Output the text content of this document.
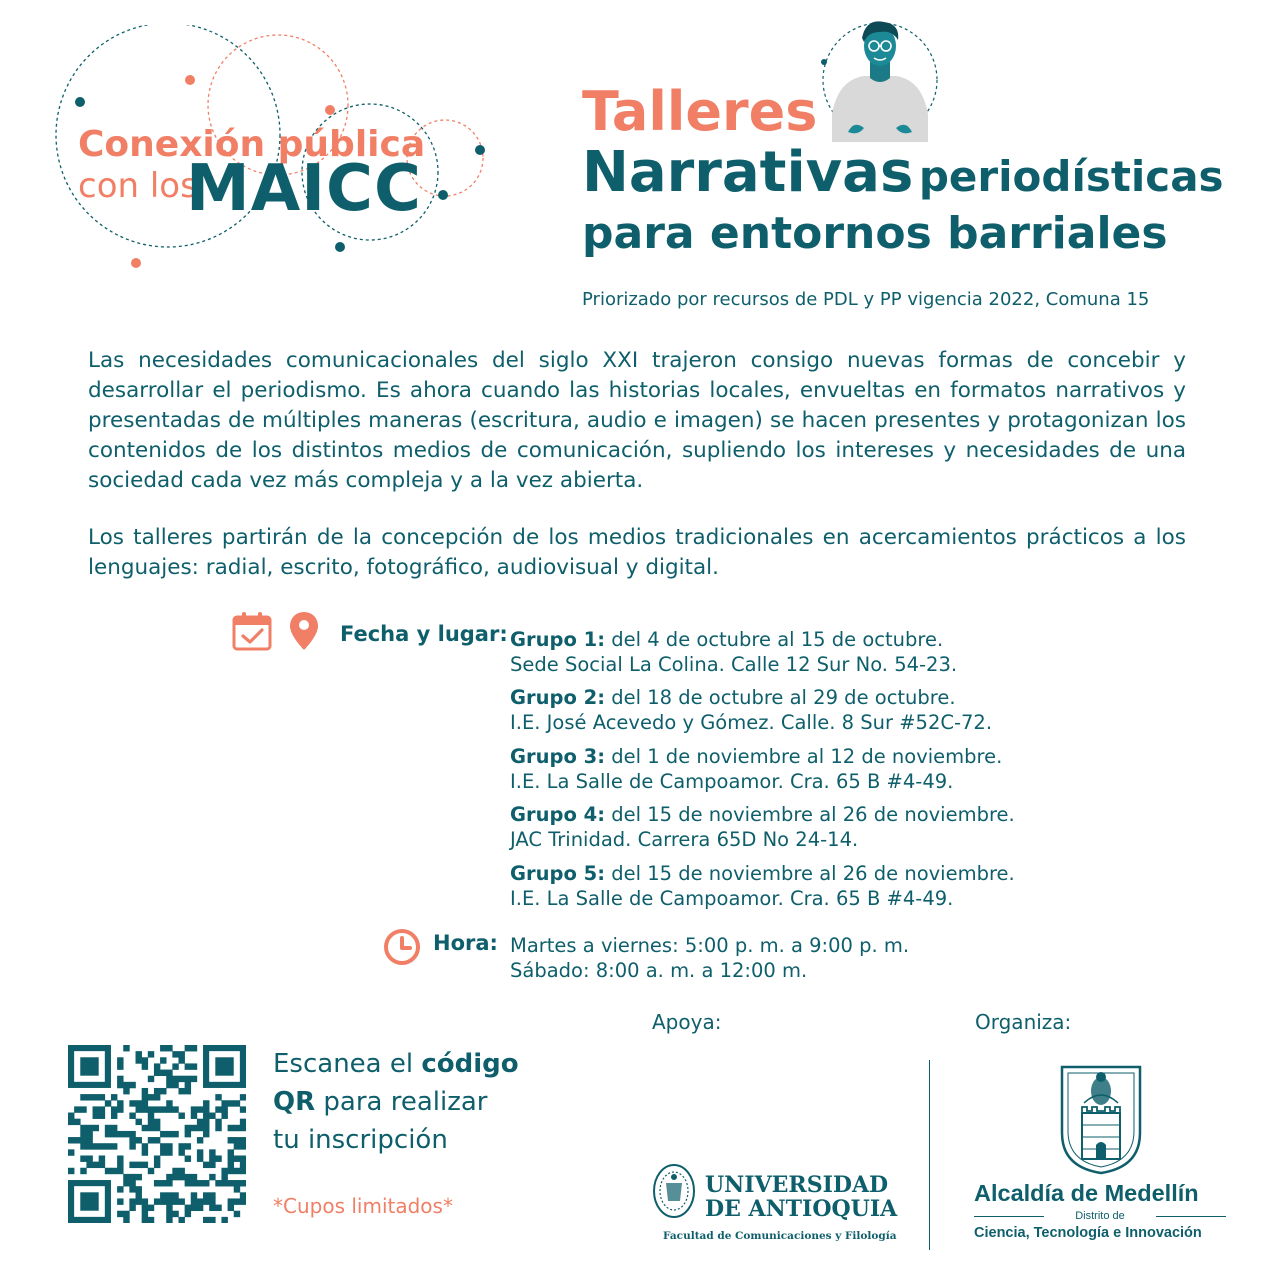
Conexión pública
con los
MAICC
Talleres
Narrativas periodísticas
para entornos barriales
Priorizado por recursos de PDL y PP vigencia 2022, Comuna 15
Las necesidades comunicacionales del siglo XXI trajeron consigo nuevas formas de concebir y desarrollar el periodismo. Es ahora cuando las historias locales, envueltas en formatos narrativos y presentadas de múltiples maneras (escritura, audio e imagen) se hacen presentes y protagonizan los contenidos de los distintos medios de comunicación, supliendo los intereses y necesidades de una sociedad cada vez más compleja y a la vez abierta.
Los talleres partirán de la concepción de los medios tradicionales en acercamientos prácticos a los lenguajes: radial, escrito, fotográfico, audiovisual y digital.
Fecha y lugar: Grupo 1: del 4 de octubre al 15 de octubre.
Sede Social La Colina. Calle 12 Sur No. 54-23.
Grupo 2: del 18 de octubre al 29 de octubre.
I.E. José Acevedo y Gómez. Calle. 8 Sur #52C-72.
Grupo 3: del 1 de noviembre al 12 de noviembre.
I.E. La Salle de Campoamor. Cra. 65 B #4-49.
Grupo 4: del 15 de noviembre al 26 de noviembre.
JAC Trinidad. Carrera 65D No 24-14.
Grupo 5: del 15 de noviembre al 26 de noviembre.
I.E. La Salle de Campoamor. Cra. 65 B #4-49.
Hora: Martes a viernes: 5:00 p. m. a 9:00 p. m.
Sábado: 8:00 a. m. a 12:00 m.
Escanea el código
QR para realizar
tu inscripción
*Cupos limitados*
Apoya:	Organiza:
UNIVERSIDAD
DE ANTIOQUIA
Facultad de Comunicaciones y Filología
Alcaldía de Medellín
Distrito de
Ciencia, Tecnología e Innovación
